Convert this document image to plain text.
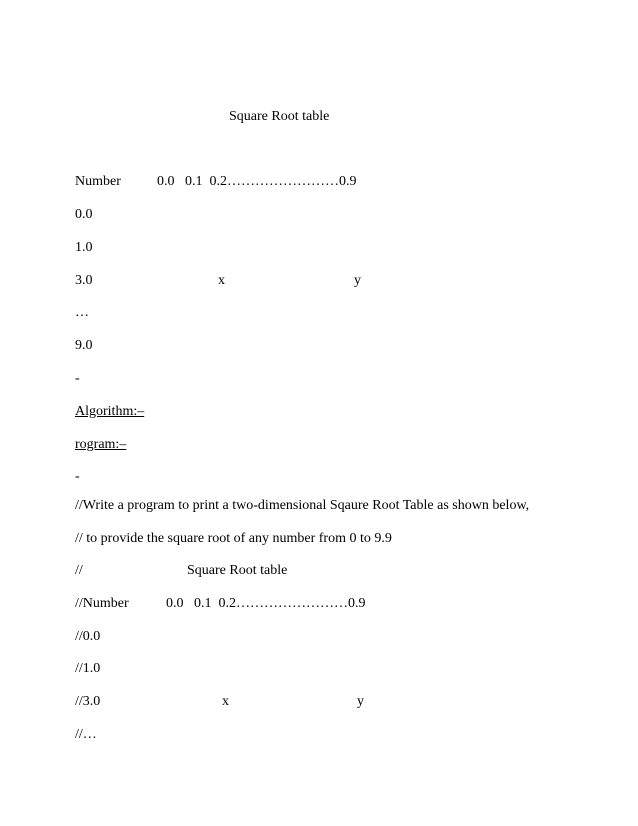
Square Root table
Number	0.0   0.1  0.2……………………0.9
0.0
1.0
3.0	x	y
…
9.0
-
Algorithm:–
rogram:–
-
//Write a program to print a two-dimensional Sqaure Root Table as shown below,
// to provide the square root of any number from 0 to 9.9
//	Square Root table
//Number	0.0   0.1  0.2……………………0.9
//0.0
//1.0
//3.0	x	y
//…
